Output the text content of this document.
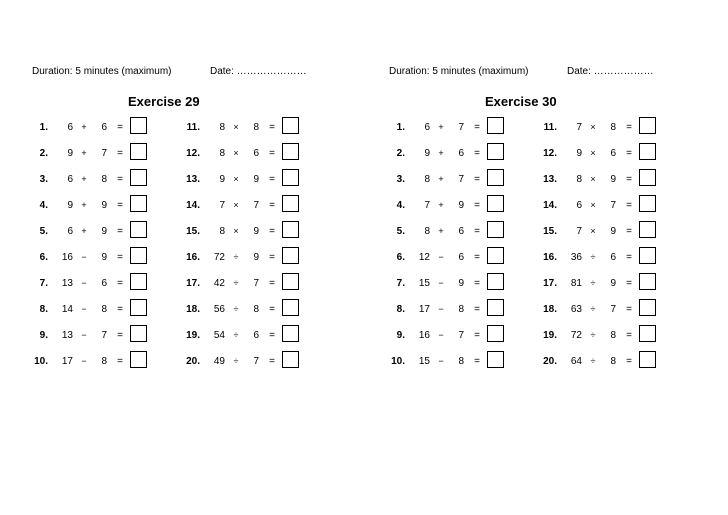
Duration: 5 minutes (maximum)	Date: …………………
Exercise 29
1.	6 +	6 =
2.	9 +	7 =
3.	6 +	8 =
4.	9 +	9 =
5.	6 +	9 =
6.	16 −	9 =
7.	13 −	6 =
8.	14 −	8 =
9.	13 −	7 =
10.	17 −	8 =
11.	8 ×	8 =
12.	8 ×	6 =
13.	9 ×	9 =
14.	7 ×	7 =
15.	8 ×	9 =
16.	72 ÷	9 =
17.	42 ÷	7 =
18.	56 ÷	8 =
19.	54 ÷	6 =
20.	49 ÷	7 =
Duration: 5 minutes (maximum)	Date: ………………
Exercise 30
1.	6 +	7 =
2.	9 +	6 =
3.	8 +	7 =
4.	7 +	9 =
5.	8 +	6 =
6.	12 −	6 =
7.	15 −	9 =
8.	17 −	8 =
9.	16 −	7 =
10.	15 −	8 =
11.	7 ×	8 =
12.	9 ×	6 =
13.	8 ×	9 =
14.	6 ×	7 =
15.	7 ×	9 =
16.	36 ÷	6 =
17.	81 ÷	9 =
18.	63 ÷	7 =
19.	72 ÷	8 =
20.	64 ÷	8 =
